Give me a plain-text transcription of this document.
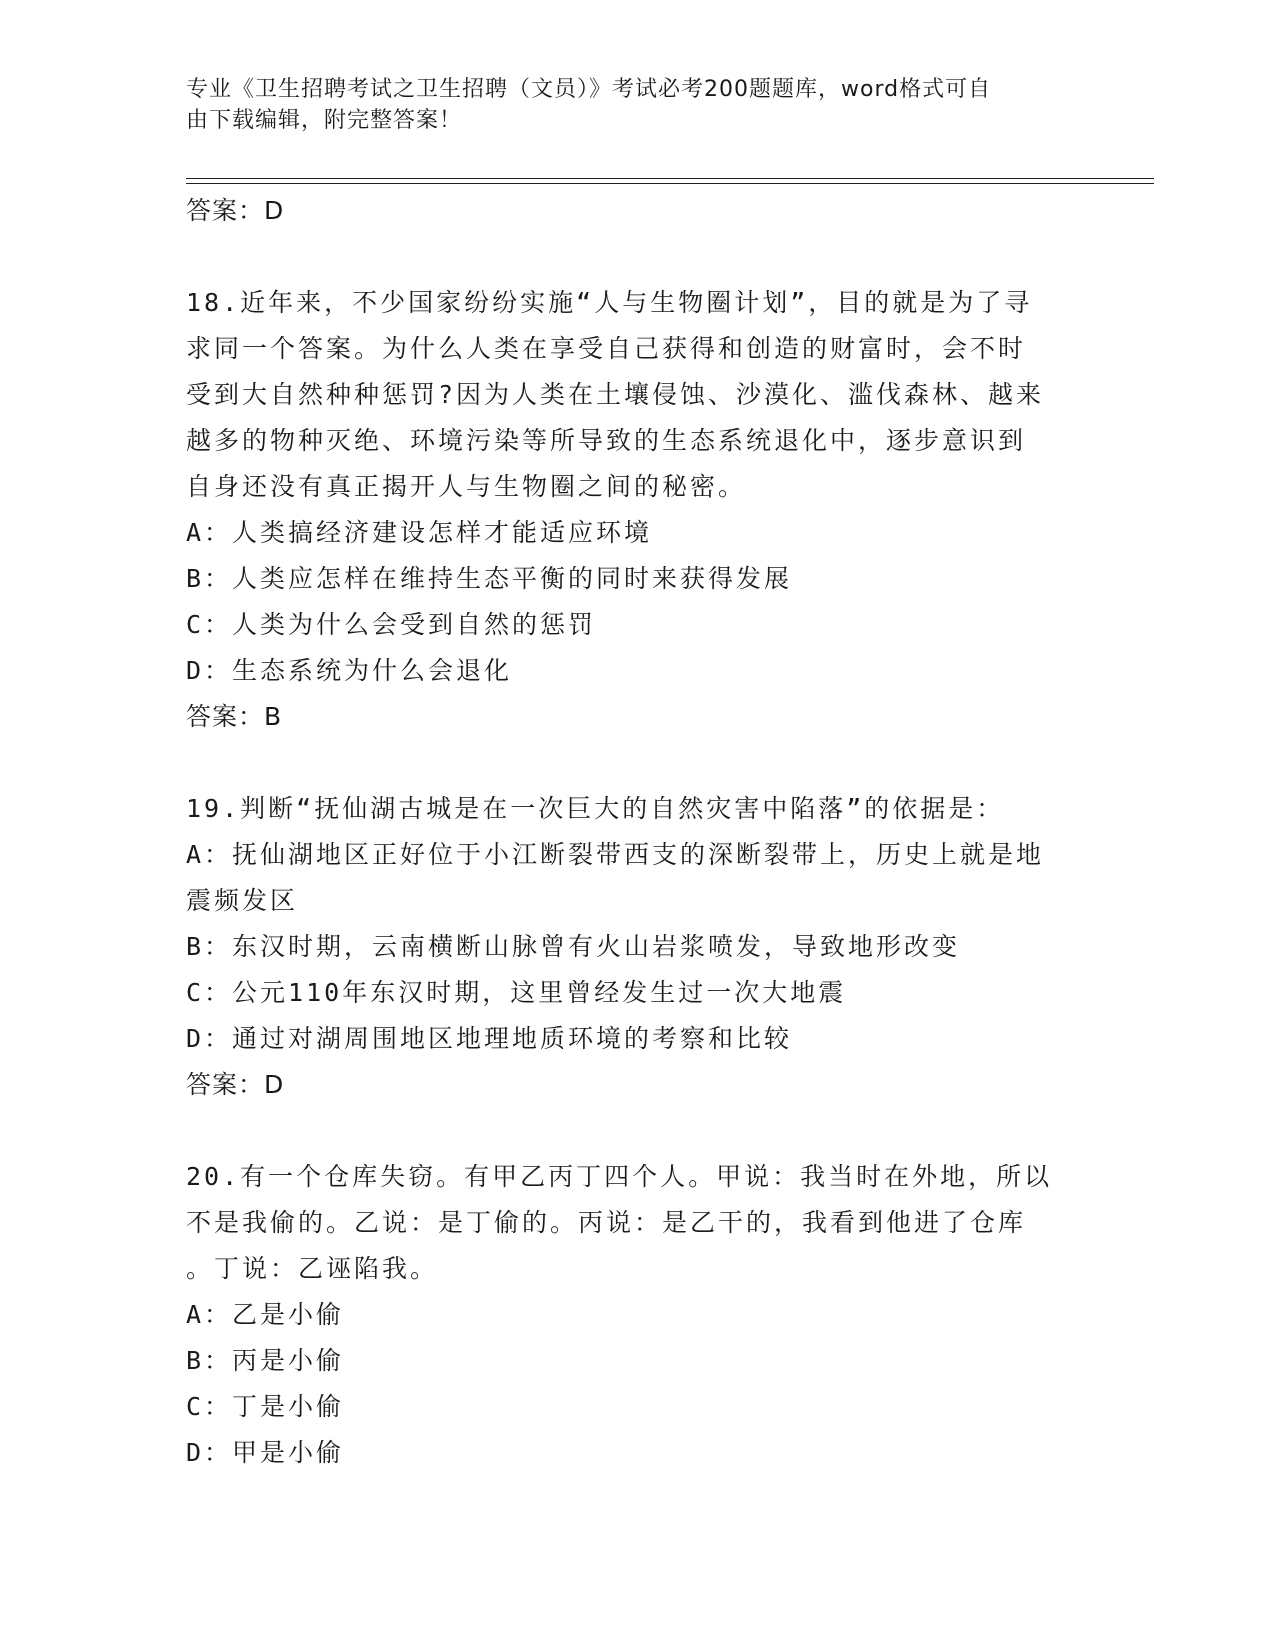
专业《卫生招聘考试之卫生招聘（文员）》考试必考200题题库，word格式可自
由下载编辑，附完整答案！
答案：D
18.近年来，不少国家纷纷实施“人与生物圈计划”，目的就是为了寻
求同一个答案。为什么人类在享受自己获得和创造的财富时，会不时
受到大自然种种惩罚?因为人类在土壤侵蚀、沙漠化、滥伐森林、越来
越多的物种灭绝、环境污染等所导致的生态系统退化中，逐步意识到
自身还没有真正揭开人与生物圈之间的秘密。
A：人类搞经济建设怎样才能适应环境
B：人类应怎样在维持生态平衡的同时来获得发展
C：人类为什么会受到自然的惩罚
D：生态系统为什么会退化
答案：B
19.判断“抚仙湖古城是在一次巨大的自然灾害中陷落”的依据是：
A：抚仙湖地区正好位于小江断裂带西支的深断裂带上，历史上就是地
震频发区
B：东汉时期，云南横断山脉曾有火山岩浆喷发，导致地形改变
C：公元110年东汉时期，这里曾经发生过一次大地震
D：通过对湖周围地区地理地质环境的考察和比较
答案：D
20.有一个仓库失窃。有甲乙丙丁四个人。甲说：我当时在外地，所以
不是我偷的。乙说：是丁偷的。丙说：是乙干的，我看到他进了仓库
。丁说：乙诬陷我。
A：乙是小偷
B：丙是小偷
C：丁是小偷
D：甲是小偷
